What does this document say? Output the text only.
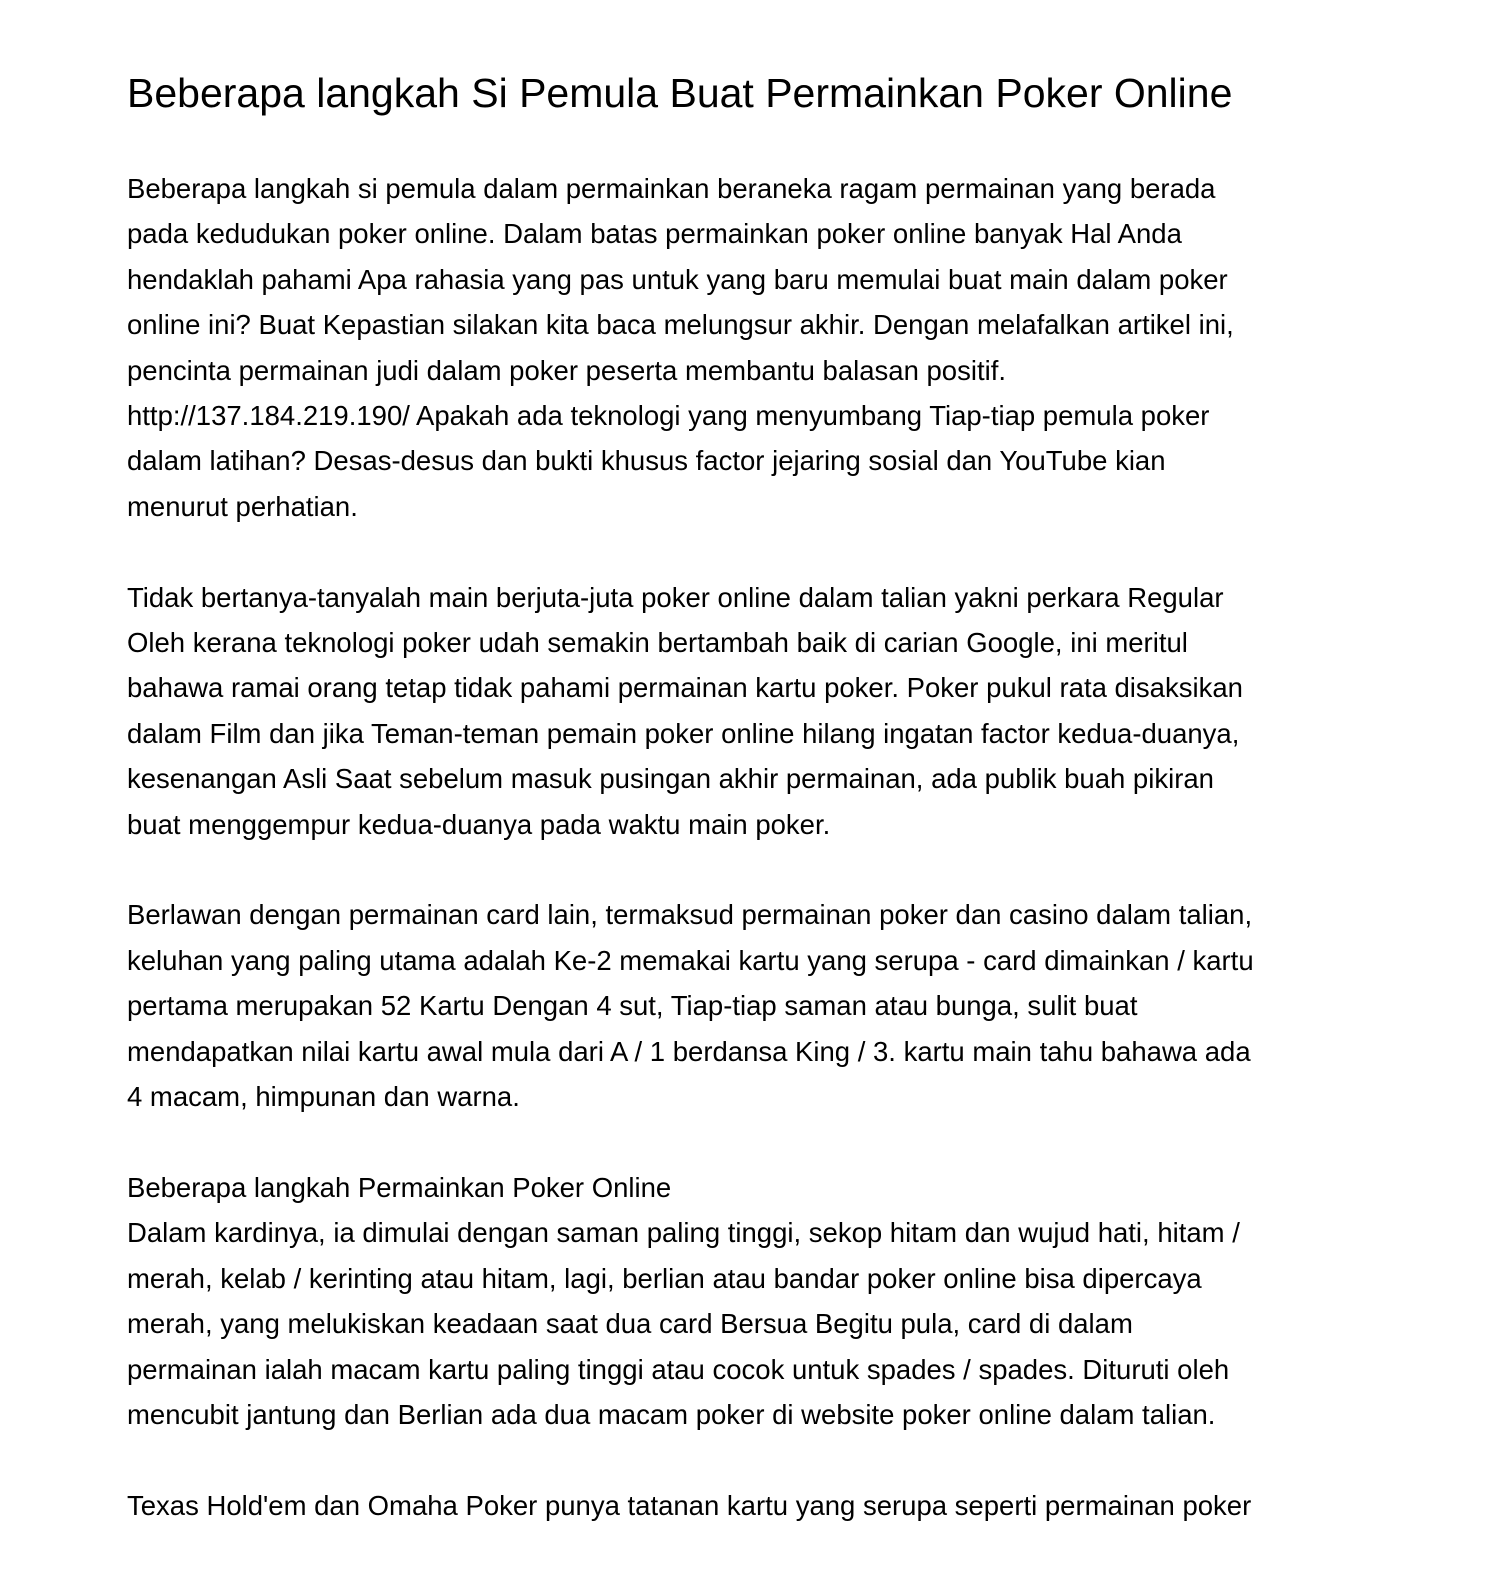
Beberapa langkah Si Pemula Buat Permainkan Poker Online
Beberapa langkah si pemula dalam permainkan beraneka ragam permainan yang berada
pada kedudukan poker online. Dalam batas permainkan poker online banyak Hal Anda
hendaklah pahami Apa rahasia yang pas untuk yang baru memulai buat main dalam poker
online ini? Buat Kepastian silakan kita baca melungsur akhir. Dengan melafalkan artikel ini,
pencinta permainan judi dalam poker peserta membantu balasan positif.
http://137.184.219.190/ Apakah ada teknologi yang menyumbang Tiap-tiap pemula poker
dalam latihan? Desas-desus dan bukti khusus factor jejaring sosial dan YouTube kian
menurut perhatian.
Tidak bertanya-tanyalah main berjuta-juta poker online dalam talian yakni perkara Regular
Oleh kerana teknologi poker udah semakin bertambah baik di carian Google, ini meritul
bahawa ramai orang tetap tidak pahami permainan kartu poker. Poker pukul rata disaksikan
dalam Film dan jika Teman-teman pemain poker online hilang ingatan factor kedua-duanya,
kesenangan Asli Saat sebelum masuk pusingan akhir permainan, ada publik buah pikiran
buat menggempur kedua-duanya pada waktu main poker.
Berlawan dengan permainan card lain, termaksud permainan poker dan casino dalam talian,
keluhan yang paling utama adalah Ke-2 memakai kartu yang serupa - card dimainkan / kartu
pertama merupakan 52 Kartu Dengan 4 sut, Tiap-tiap saman atau bunga, sulit buat
mendapatkan nilai kartu awal mula dari A / 1 berdansa King / 3. kartu main tahu bahawa ada
4 macam, himpunan dan warna.
Beberapa langkah Permainkan Poker Online
Dalam kardinya, ia dimulai dengan saman paling tinggi, sekop hitam dan wujud hati, hitam /
merah, kelab / kerinting atau hitam, lagi, berlian atau bandar poker online bisa dipercaya
merah, yang melukiskan keadaan saat dua card Bersua Begitu pula, card di dalam
permainan ialah macam kartu paling tinggi atau cocok untuk spades / spades. Dituruti oleh
mencubit jantung dan Berlian ada dua macam poker di website poker online dalam talian.
Texas Hold'em dan Omaha Poker punya tatanan kartu yang serupa seperti permainan poker
